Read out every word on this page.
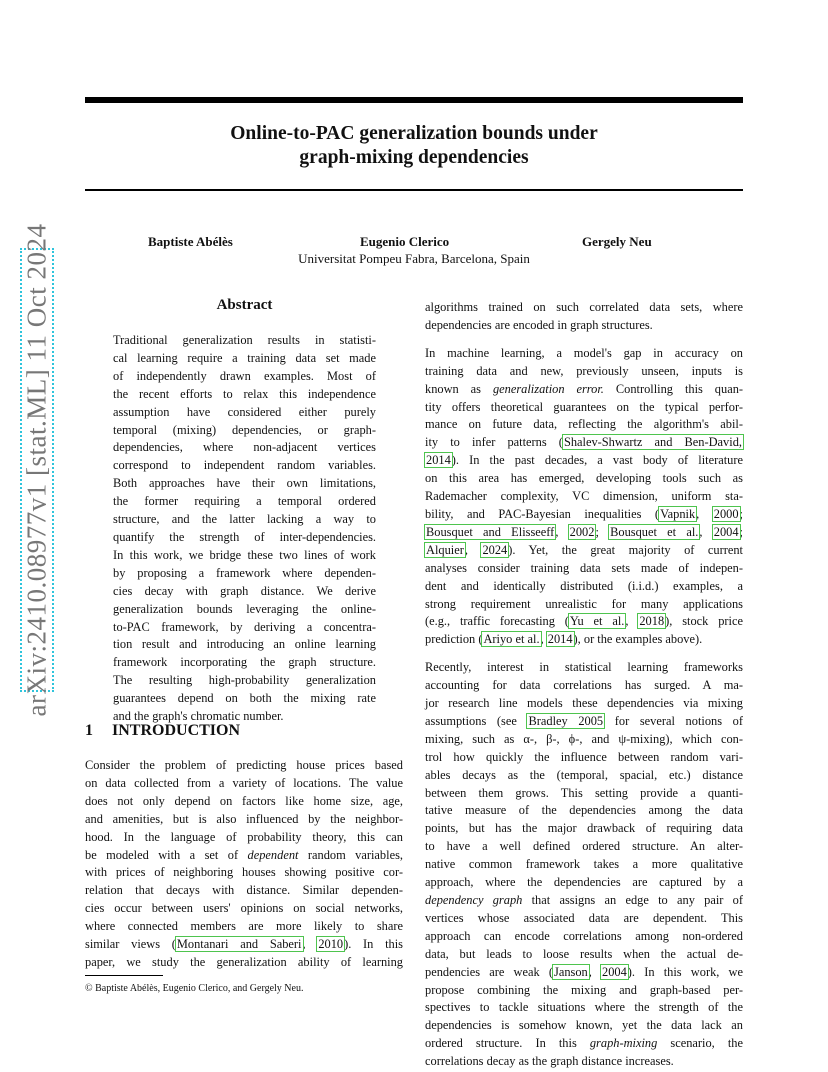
Online-to-PAC generalization bounds under
graph-mixing dependencies
Baptiste Abélès	Eugenio Clerico	Gergely Neu
Universitat Pompeu Fabra, Barcelona, Spain
arXiv:2410.08977v1 [stat.ML] 11 Oct 2024	Abstract
Traditional generalization results in statisti-
cal learning require a training data set made
of independently drawn examples. Most of
the recent efforts to relax this independence
assumption have considered either purely
temporal (mixing) dependencies, or graph-
dependencies, where non-adjacent vertices
correspond to independent random variables.
Both approaches have their own limitations,
the former requiring a temporal ordered
structure, and the latter lacking a way to
quantify the strength of inter-dependencies.
In this work, we bridge these two lines of work
by proposing a framework where dependen-
cies decay with graph distance. We derive
generalization bounds leveraging the online-
to-PAC framework, by deriving a concentra-
tion result and introducing an online learning
framework incorporating the graph structure.
The resulting high-probability generalization
guarantees depend on both the mixing rate
and the graph's chromatic number.
1 INTRODUCTION
Consider the problem of predicting house prices based
on data collected from a variety of locations. The value
does not only depend on factors like home size, age,
and amenities, but is also influenced by the neighbor-
hood. In the language of probability theory, this can
be modeled with a set of dependent random variables,
with prices of neighboring houses showing positive cor-
relation that decays with distance. Similar dependen-
cies occur between users' opinions on social networks,
where connected members are more likely to share
similar views (Montanari and Saberi, 2010). In this
paper, we study the generalization ability of learning
algorithms trained on such correlated data sets, where
dependencies are encoded in graph structures.
In machine learning, a model's gap in accuracy on
training data and new, previously unseen, inputs is
known as generalization error. Controlling this quan-
tity offers theoretical guarantees on the typical perfor-
mance on future data, reflecting the algorithm's abil-
ity to infer patterns (Shalev-Shwartz and Ben-David,
2014). In the past decades, a vast body of literature
on this area has emerged, developing tools such as
Rademacher complexity, VC dimension, uniform sta-
bility, and PAC-Bayesian inequalities (Vapnik, 2000;
Bousquet and Elisseeff, 2002; Bousquet et al., 2004;
Alquier, 2024). Yet, the great majority of current
analyses consider training data sets made of indepen-
dent and identically distributed (i.i.d.) examples, a
strong requirement unrealistic for many applications
(e.g., traffic forecasting (Yu et al., 2018), stock price
prediction (Ariyo et al., 2014), or the examples above).
Recently, interest in statistical learning frameworks
accounting for data correlations has surged. A ma-
jor research line models these dependencies via mixing
assumptions (see Bradley 2005 for several notions of
mixing, such as α-, β-, ϕ-, and ψ-mixing), which con-
trol how quickly the influence between random vari-
ables decays as the (temporal, spacial, etc.) distance
between them grows. This setting provide a quanti-
tative measure of the dependencies among the data
points, but has the major drawback of requiring data
to have a well defined ordered structure. An alter-
native common framework takes a more qualitative
approach, where the dependencies are captured by a
dependency graph that assigns an edge to any pair of
vertices whose associated data are dependent. This
approach can encode correlations among non-ordered
data, but leads to loose results when the actual de-
pendencies are weak (Janson, 2004). In this work, we
propose combining the mixing and graph-based per-
spectives to tackle situations where the strength of the
dependencies is somehow known, yet the data lack an
ordered structure. In this graph-mixing scenario, the
correlations decay as the graph distance increases.
© Baptiste Abélès, Eugenio Clerico, and Gergely Neu.
